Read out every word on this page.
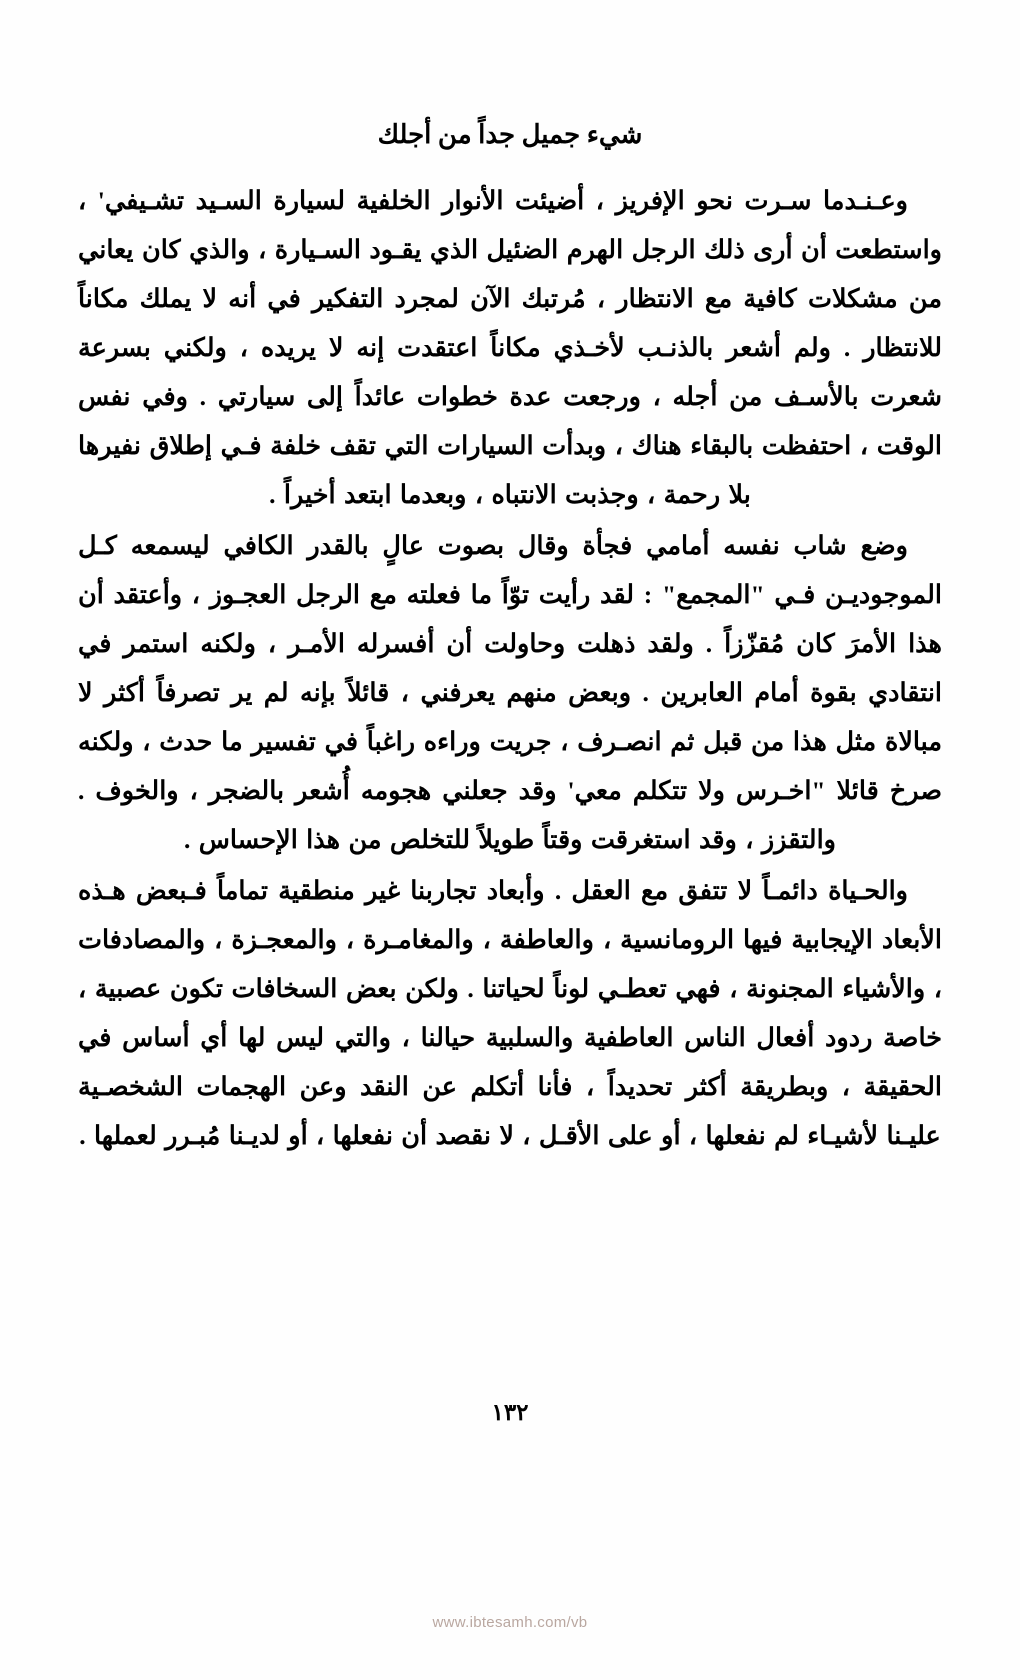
شيء جميل جداً من أجلك

وعـنـدما سـرت نحو الإفريز ، أضيئت الأنوار الخلفية لسيارة السـيد تشـيفي' ، واستطعت أن أرى ذلك الرجل الهرم الضئيل الذي يقـود السـيارة ، والذي كان يعاني من مشكلات كافية مع الانتظار ، مُرتبك الآن لمجرد التفكير في أنه لا يملك مكاناً للانتظار . ولم أشعر بالذنـب لأخـذي مكاناً اعتقدت إنه لا يريده ، ولكني بسرعة شعرت بالأسـف من أجله ، ورجعت عدة خطوات عائداً إلى سيارتي . وفي نفس الوقت ، احتفظت بالبقاء هناك ، وبدأت السيارات التي تقف خلفة فـي إطلاق نفيرها بلا رحمة ، وجذبت الانتباه ، وبعدما ابتعد أخيراً .

وضع شاب نفسه أمامي فجأة وقال بصوت عالٍ بالقدر الكافي ليسمعه كـل الموجوديـن فـي "المجمع" : لقد رأيت توّاً ما فعلته مع الرجل العجـوز ، وأعتقد أن هذا الأمرَ كان مُقزّزاً . ولقد ذهلت وحاولت أن أفسرله الأمـر ، ولكنه استمر في انتقادي بقوة أمام العابرين . وبعض منهم يعرفني ، قائلاً بإنه لم ير تصرفاً أكثر لا مبالاة مثل هذا من قبل ثم انصـرف ، جريت وراءه راغباً في تفسير ما حدث ، ولكنه صرخ قائلا "اخـرس ولا تتكلم معي' وقد جعلني هجومه أُشعر بالضجر ، والخوف . والتقزز ، وقد استغرقت وقتاً طويلاً للتخلص من هذا الإحساس .

والحـياة دائمـاً لا تتفق مع العقل . وأبعاد تجاربنا غير منطقية تماماً فـبعض هـذه الأبعاد الإيجابية فيها الرومانسية ، والعاطفة ، والمغامـرة ، والمعجـزة ، والمصادفات ، والأشياء المجنونة ، فهي تعطـي لوناً لحياتنا . ولكن بعض السخافات تكون عصبية ، خاصة ردود أفعال الناس العاطفية والسلبية حيالنا ، والتي ليس لها أي أساس في الحقيقة ، وبطريقة أكثر تحديداً ، فأنا أتكلم عن النقد وعن الهجمات الشخصـية عليـنا لأشيـاء لم نفعلها ، أو على الأقـل ، لا نقصد أن نفعلها ، أو لديـنا مُبـرر لعملها .

١٣٢
www.ibtesamh.com/vb
